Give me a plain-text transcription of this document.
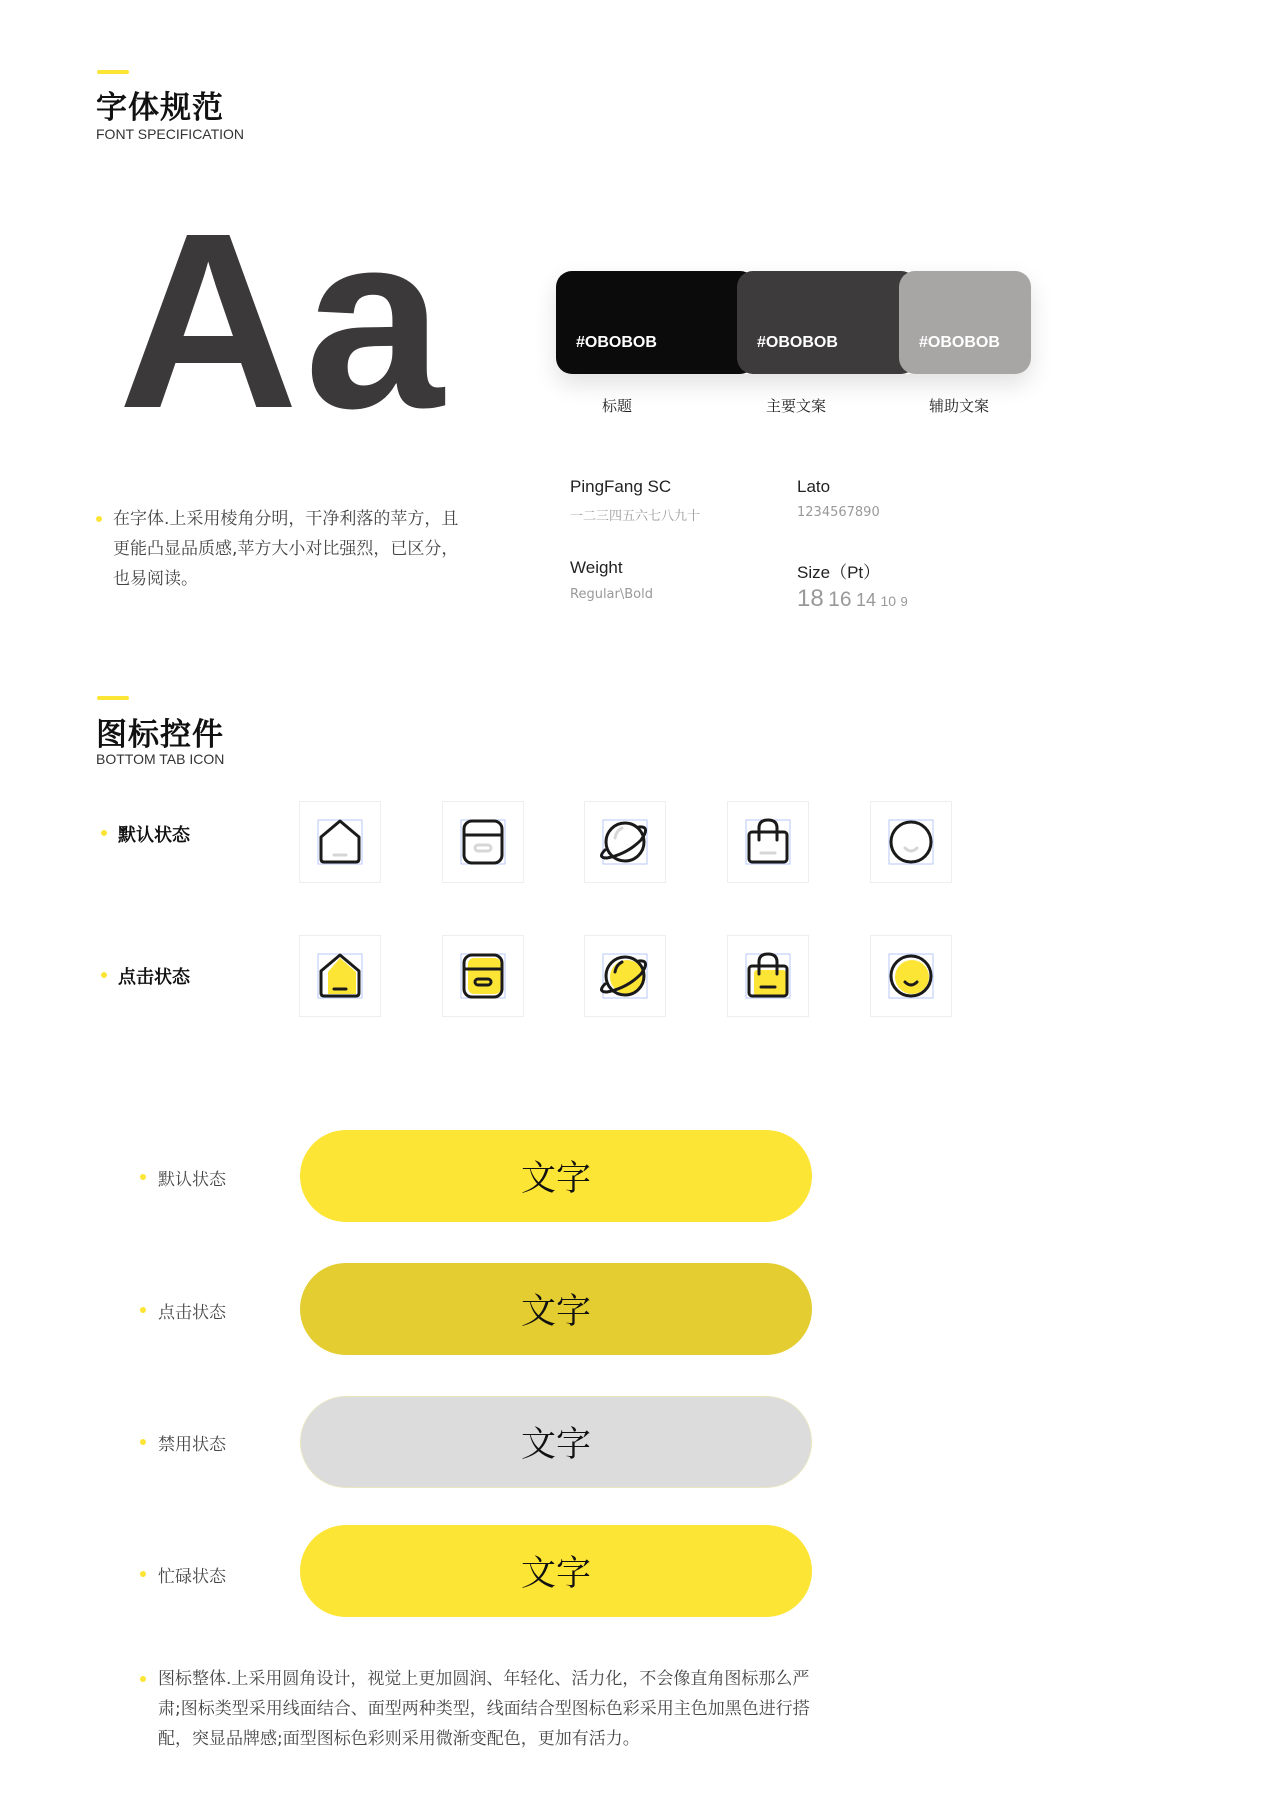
字体规范
FONT SPECIFICATION
Aa	#OBOBOB	#OBOBOB	#OBOBOB
标题	主要文案	辅助文案
在字体.上采用棱角分明，干净利落的苹方，且
更能凸显品质感,苹方大小对比强烈，已区分，
也易阅读。
PingFang SC
一二三四五六七八九十
Lato
1234567890
Weight
Regular\Bold
Size（Pt）
18 16 14 10 9
图标控件
BOTTOM TAB ICON
默认状态
点击状态
默认状态	文字
点击状态	文字
禁用状态	文字
忙碌状态	文字
图标整体.上采用圆角设计，视觉上更加圆润、年轻化、活力化，不会像直角图标那么严
肃;图标类型采用线面结合、面型两种类型，线面结合型图标色彩采用主色加黑色进行搭
配，突显品牌感;面型图标色彩则采用微渐变配色，更加有活力。
